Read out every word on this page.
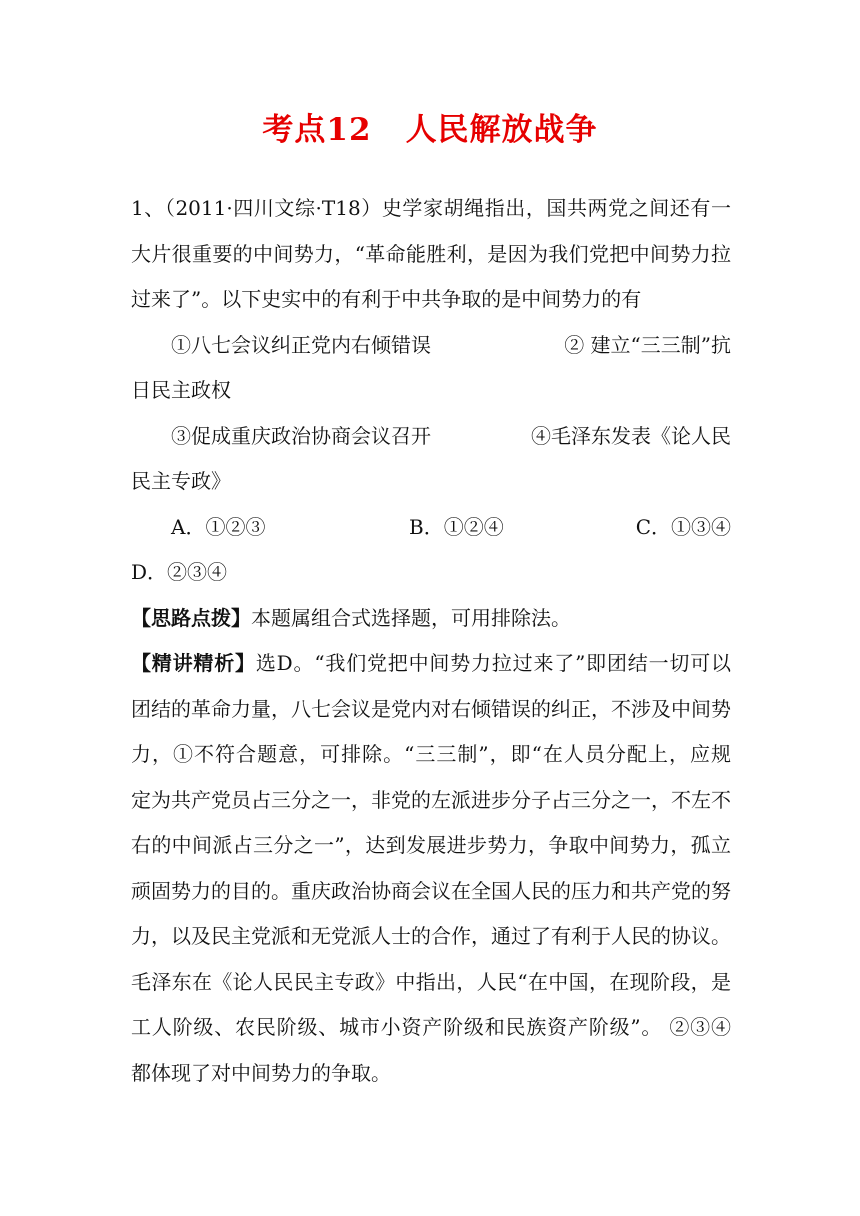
考点12 人民解放战争
1、（2011·四川文综·T18）史学家胡绳指出，国共两党之间还有一
大片很重要的中间势力，“革命能胜利，是因为我们党把中间势力拉
过来了”。以下史实中的有利于中共争取的是中间势力的有
①八七会议纠正党内右倾错误	② 建立“三三制”抗
日民主政权
③促成重庆政治协商会议召开	④毛泽东发表《论人民
民主专政》
A．①②③	B．①②④	C．①③④
D．②③④
【思路点拨】本题属组合式选择题，可用排除法。
【精讲精析】选D。“我们党把中间势力拉过来了”即团结一切可以
团结的革命力量，八七会议是党内对右倾错误的纠正，不涉及中间势
力，①不符合题意，可排除。“三三制”，即“在人员分配上，应规
定为共产党员占三分之一，非党的左派进步分子占三分之一，不左不
右的中间派占三分之一”，达到发展进步势力，争取中间势力，孤立
顽固势力的目的。重庆政治协商会议在全国人民的压力和共产党的努
力，以及民主党派和无党派人士的合作，通过了有利于人民的协议。
毛泽东在《论人民民主专政》中指出，人民“在中国，在现阶段，是
工人阶级、农民阶级、城市小资产阶级和民族资产阶级”。 ②③④
都体现了对中间势力的争取。
